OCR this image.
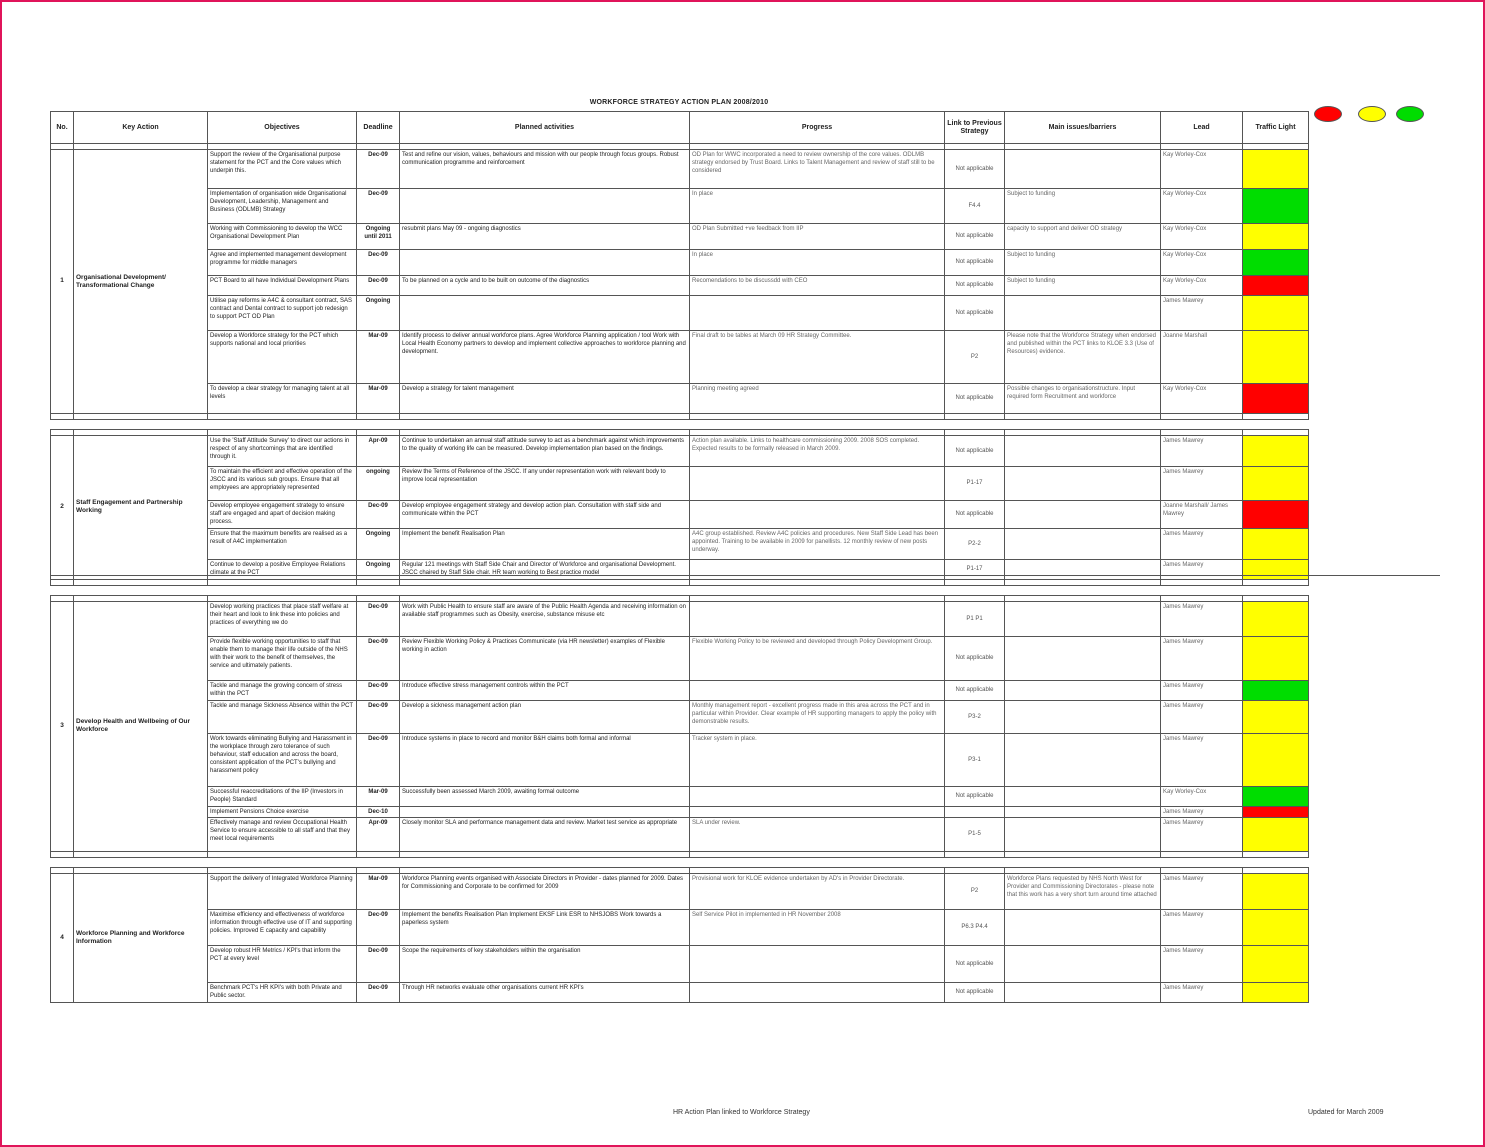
WORKFORCE STRATEGY ACTION PLAN 2008/2010
No.	Key Action	Objectives	Deadline	Planned activities	Progress	Link to Previous Strategy	Main issues/barriers	Lead	Traffic Light

1	Organisational Development/ Transformational Change	Support the review of the Organisational purpose statement for the PCT and the Core values which underpin this.	Dec-09	Test and refine our vision, values, behaviours and mission with our people through focus groups. Robust communication programme and reinforcement	OD Plan for WWC incorporated a need to review ownership of the core values. ODLMB strategy endorsed by Trust Board. Links to Talent Management and review of staff still to be considered	Not applicable		Kay Worley-Cox	
		Implementation of organisation wide Organisational Development, Leadership, Management and Business (ODLMB) Strategy	Dec-09		In place	F4.4	Subject to funding	Kay Worley-Cox	
		Working with Commissioning to develop the WCC Organisational Development Plan	Ongoing until 2011	resubmit plans May 09 - ongoing diagnostics	OD Plan Submitted +ve feedback from IIP	Not applicable	capacity to support and deliver OD strategy	Kay Worley-Cox	
		Agree and implemented management development programme for middle managers	Dec-09		In place	Not applicable	Subject to funding	Kay Worley-Cox	
		PCT Board to all have Individual Development Plans	Dec-09	To be planned on a cycle and to be built on outcome of the diagnostics	Recomendations to be discussdd with CEO	Not applicable	Subject to funding	Kay Worley-Cox	
		Utilise pay reforms ie A4C & consultant contract, SAS contract and Dental contract to support job redesign to support PCT OD Plan	Ongoing			Not applicable		James Mawrey	
		Develop a Workforce strategy for the PCT which supports national and local priorities	Mar-09	Identify process to deliver annual workforce plans. Agree Workforce Planning application / tool Work with Local Health Economy partners to develop and implement collective approaches to workforce planning and development.	Final draft to be tables at March 09 HR Strategy Committee.	P2	Please note that the Workforce Strategy when endorsed and published within the PCT links to KLOE 3.3 (Use of Resources) evidence.	Joanne Marshall	
		To develop a clear strategy for managing talent at all levels	Mar-09	Develop a strategy for talent management	Planning meeting agreed	Not applicable	Possible changes to organisationstructure. Input required form Recruitment and workforce	Kay Worley-Cox	

2	Staff Engagement and Partnership Working	Use the 'Staff Attitude Survey' to direct our actions in respect of any shortcomings that are identified through it.	Apr-09	Continue to undertaken an annual staff attitude survey to act as a benchmark against which improvements to the quality of working life can be measured. Develop implementation plan based on the findings.	Action plan available. Links to healthcare commissioning 2009. 2008 SOS completed. Expected results to be formally released in March 2009.	Not applicable		James Mawrey	
		To maintain the efficient and effective operation of the JSCC and its various sub groups. Ensure that all employees are appropriately represented	ongoing	Review the Terms of Reference of the JSCC. If any under representation work with relevant body to improve local representation		P1-17		James Mawrey	
		Develop employee engagement strategy to ensure staff are engaged and apart of decision making process.	Dec-09	Develop employee engagement strategy and develop action plan. Consultation with staff side and communicate within the PCT		Not applicable		Joanne Marshall/ James Mawrey	
		Ensure that the maximum benefits are realised as a result of A4C implementation	Ongoing	Implement the benefit Realisation Plan	A4C group established. Review A4C policies and procedures. New Staff Side Lead has been appointed. Training to be available in 2009 for panellists. 12 monthly review of new posts underway.	P2-2		James Mawrey	
		Continue to develop a positive Employee Relations climate at the PCT	Ongoing	Regular 121 meetings with Staff Side Chair and Director of Workforce and organisational Development. JSCC chaired by Staff Side chair. HR team working to Best practice model		P1-17		James Mawrey	

3	Develop Health and Wellbeing of Our Workforce	Develop working practices that place staff welfare at their heart and look to link these into policies and practices of everything we do	Dec-09	Work with Public Health to ensure staff are aware of the Public Health Agenda and receiving information on available staff programmes such as Obesity, exercise, substance misuse etc		P1 P1		James Mawrey	
		Provide flexible working opportunities to staff that enable them to manage their life outside of the NHS with their work to the benefit of themselves, the service and ultimately patients.	Dec-09	Review Flexible Working Policy & Practices Communicate (via HR newsletter) examples of Flexible working in action	Flexible Working Policy to be reviewed and developed through Policy Development Group.	Not applicable		James Mawrey	
		Tackle and manage the growing concern of stress within the PCT	Dec-09	Introduce effective stress management controls within the PCT		Not applicable		James Mawrey	
		Tackle and manage Sickness Absence within the PCT	Dec-09	Develop a sickness management action plan	Monthly management report - excellent progress made in this area across the PCT and in particular within Provider. Clear example of HR supporting managers to apply the policy with demonstrable results.	P3-2		James Mawrey	
		Work towards eliminating Bullying and Harassment in the workplace through zero tolerance of such behaviour, staff education and across the board, consistent application of the PCT's bullying and harassment policy	Dec-09	Introduce systems in place to record and monitor B&H claims both formal and informal	Tracker system in place.	P3-1		James Mawrey	
		Successful reaccreditations of the IIP (Investors in People) Standard	Mar-09	Successfully been assessed March 2009, awaiting formal outcome		Not applicable		Kay Worley-Cox	
		Implement Pensions Choice exercise	Dec-10					James Mawrey	
		Effectively manage and review Occupational Health Service to ensure accessible to all staff and that they meet local requirements	Apr-09	Closely monitor SLA and performance management data and review. Market test service as appropriate	SLA under review.	P1-5		James Mawrey	

4	Workforce Planning and Workforce Information	Support the delivery of Integrated Workforce Planning	Mar-09	Workforce Planning events organised with Associate Directors in Provider - dates planned for 2009. Dates for Commissioning and Corporate to be confirmed for 2009	Provisional work for KLOE evidence undertaken by AD's in Provider Directorate.	P2	Workforce Plans requested by NHS North West for Provider and Commissioning Directorates - please note that this work has a very short turn around time attached	James Mawrey	
		Maximise efficiency and effectiveness of workforce information through effective use of IT and supporting policies. Improved E capacity and capability	Dec-09	Implement the benefits Realisation Plan Implement EKSF Link ESR to NHSJOBS Work towards a paperless system	Self Service Pilot in implemented in HR November 2008	P6.3 P4.4		James Mawrey	
		Develop robust HR Metrics / KPI's that inform the PCT at every level	Dec-09	Scope the requirements of key stakeholders within the organisation		Not applicable		James Mawrey	
		Benchmark PCT's HR KPI's with both Private and Public sector.	Dec-09	Through HR networks evaluate other organisations current HR KPI's		Not applicable		James Mawrey	
HR Action Plan linked to Workforce Strategy	Updated for March 2009
